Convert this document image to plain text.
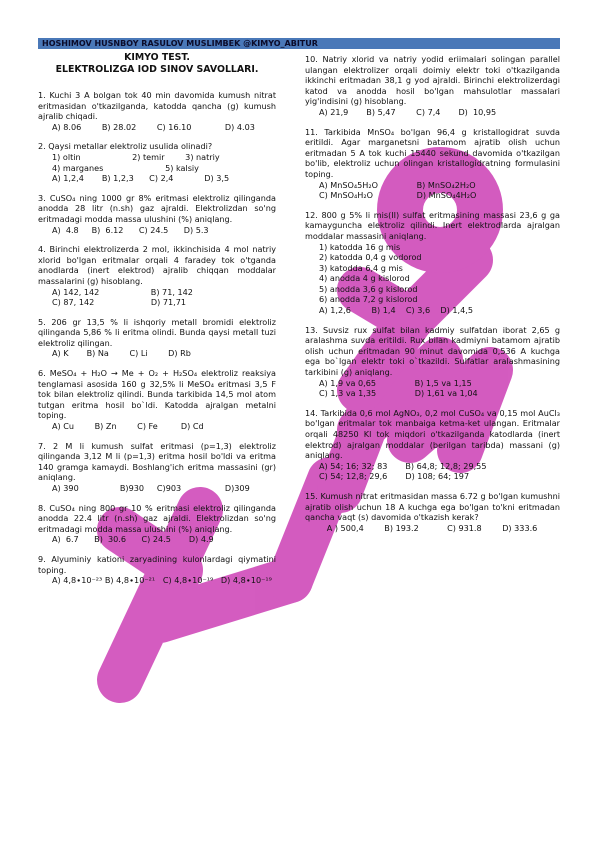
HOSHIMOV HUSNBOY RASULOV MUSLIMBEK @KIMYO_ABITUR
KIMYO TEST.
ELEKTROLIZGA IOD SINOV SAVOLLARI.
1. Kuchi 3 A bolgan tok 40 min davomida kumush nitrat eritmasidan o'tkazilganda, katodda qancha (g) kumush ajralib chiqadi.
A) 8.06        B) 28.02        C) 16.10             D) 4.03
2. Qaysi metallar elektroliz usulida olinadi?
1) oltin                    2) temir        3) natriy
4) marganes                        5) kalsiy
A) 1,2,4       B) 1,2,3      C) 2,4            D) 3,5
3. CuSO₄ ning 1000 gr 8% eritmasi elektroliz qilinganda anodda 28 litr (n.sh) gaz ajraldi. Elektrolizdan so'ng eritmadagi modda massa ulushini (%) aniqlang.
A)  4.8     B)  6.12      C) 24.5      D) 5.3
4. Birinchi elektrolizerda 2 mol, ikkinchisida 4 mol natriy xlorid bo'lgan eritmalar orqali 4 faradey tok o'tganda anodlarda (inert elektrod) ajralib chiqqan moddalar massalarini (g) hisoblang.
A) 142, 142                    B) 71, 142
C) 87, 142                      D) 71,71
5. 206 gr 13,5 % li ishqoriy metall bromidi elektroliz qilinganda 5,86 % li eritma olindi. Bunda qaysi metall tuzi elektroliz qilingan.
A) K       B) Na        C) Li        D) Rb
6. MeSO₄ + H₂O → Me + O₂ + H₂SO₄ elektroliz reaksiya tenglamasi asosida 160 g 32,5% li MeSO₄ eritmasi 3,5 F tok bilan elektroliz qilindi. Bunda tarkibida 14,5 mol atom tutgan eritma hosil bo`ldi. Katodda ajralgan metalni toping.
A) Cu        B) Zn        C) Fe         D) Cd
7. 2 M li kumush sulfat eritmasi (p=1,3) elektroliz qilinganda 3,12 M li (p=1,3) eritma hosil bo'ldi va eritma 140 gramga kamaydi. Boshlang'ich eritma massasini (gr) aniqlang.
A) 390                B)930     C)903                 D)309
8. CuSO₄ ning 800 gr 10 % eritmasi elektroliz qilinganda anodda 22.4 litr (n.sh) gaz ajraldi. Elektrolizdan so'ng eritmadagi modda massa ulushini (%) aniqlang.
A)  6.7      B)  30.6      C) 24.5       D) 4.9
9. Alyuminiy kationi zaryadining kulonlardagi qiymatini toping.
A) 4,8∙10⁻²³ B) 4,8∙10⁻²¹   C) 4,8∙10⁻¹⁹   D) 4,8∙10⁻¹⁹
10. Natriy xlorid va natriy yodid eriimalari solingan parallel ulangan elektrolizer orqali doimiy elektr toki o'tkazilganda ikkinchi eritmadan 38,1 g yod ajraldi. Birinchi elektrolizerdagi katod va anodda hosil bo'lgan mahsulotlar massalari yig'indisini (g) hisoblang.
A) 21,9       B) 5,47        C) 7,4       D)  10,95
11. Tarkibida MnSO₄ bo'lgan 96,4 g kristallogidrat suvda eritildi. Agar marganetsni batamom ajratib olish uchun eritmadan 5 A tok kuchi 15440 sekund davomida o'tkazilgan bo'lib, elektroliz uchun olingan kristallogidratning formulasini toping.
A) MnSO₄5H₂O               B) MnSO₄2H₂O
C) MnSO₄H₂O                 D) MnSO₄4H₂O
12. 800 g 5% li mis(II) sulfat eritmasining massasi 23,6 g ga kamayguncha elektroliz qilindi. Inert elektrodlarda ajralgan moddalar massasini aniqlang.
1) katodda 16 g mis
2) katodda 0,4 g vodorod
3) katodda 6,4 g mis
4) anodda 4 g kislorod
5) anodda 3,6 g kislorod
6) anodda 7,2 g kislorod
A) 1,2,6        B) 1,4    C) 3,6    D) 1,4,5
13. Suvsiz rux sulfat bilan kadmiy sulfatdan iborat 2,65 g aralashma suvda eritildi. Rux bilan kadmiyni batamom ajratib olish uchun eritmadan 90 minut davomida 0,536 A kuchga ega bo`lgan elektr toki o`tkazildi. Sulfatlar aralashmasining tarkibini (g) aniqlang.
A) 1,9 va 0,65               B) 1,5 va 1,15
C) 1,3 va 1,35               D) 1,61 va 1,04
14. Tarkibida 0,6 mol AgNO₃, 0,2 mol CuSO₄ va 0,15 mol AuCl₃ bo'lgan eritmalar tok manbaiga ketma-ket ulangan. Eritmalar orqali 48250 Kl tok miqdori o'tkazilganda katodlarda (inert elektrod) ajralgan moddalar (berilgan taribda) massani (g) aniqlang.
A) 54; 16; 32; 83       B) 64,8; 12,8; 29,55
C) 54; 12,8; 29,6       D) 108; 64; 197
15. Kumush nitrat eritmasidan massa 6.72 g bo'lgan kumushni ajratib olish uchun 18 A kuchga ega bo'lgan to'kni eritmadan qancha vaqt (s) davomida o'tkazish kerak?
A ) 500,4        B) 193.2           C) 931.8        D) 333.6
